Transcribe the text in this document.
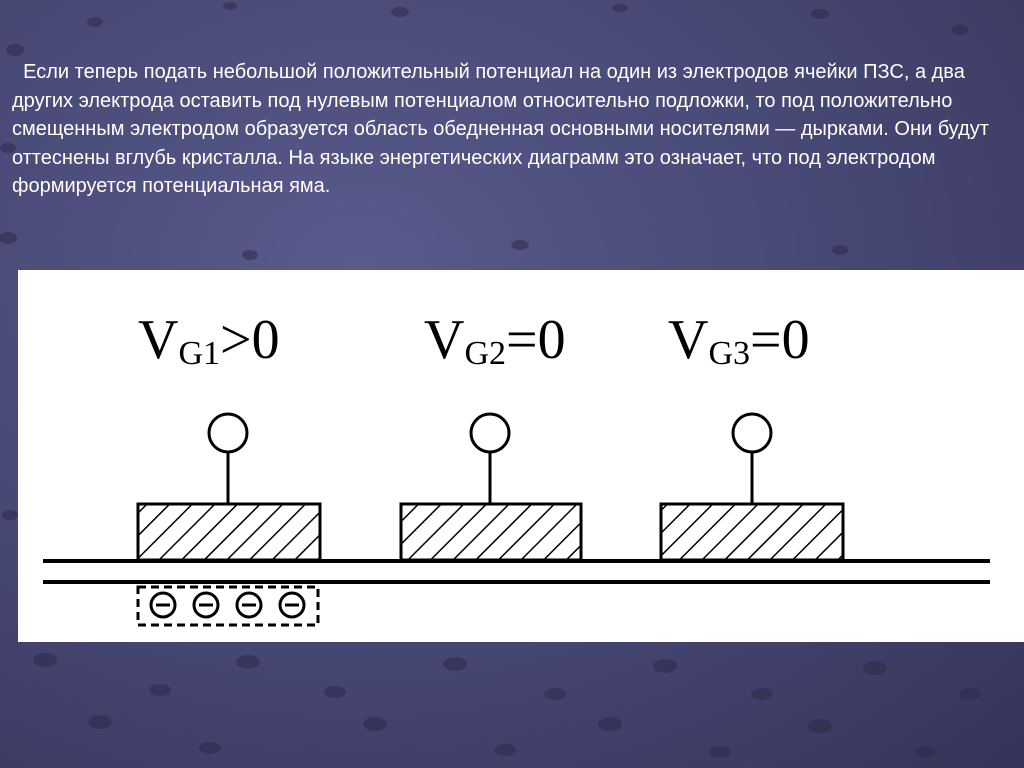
Если теперь подать небольшой положительный потенциал на один из электродов ячейки ПЗС, а два других электрода оставить под нулевым потенциалом относительно подложки, то под положительно смещенным электродом образуется область обедненная основными носителями — дырками. Они будут оттеснены вглубь кристалла. На языке энергетических диаграмм это означает, что под электродом формируется потенциальная яма.

VG1>0	VG2=0 VG3=0
